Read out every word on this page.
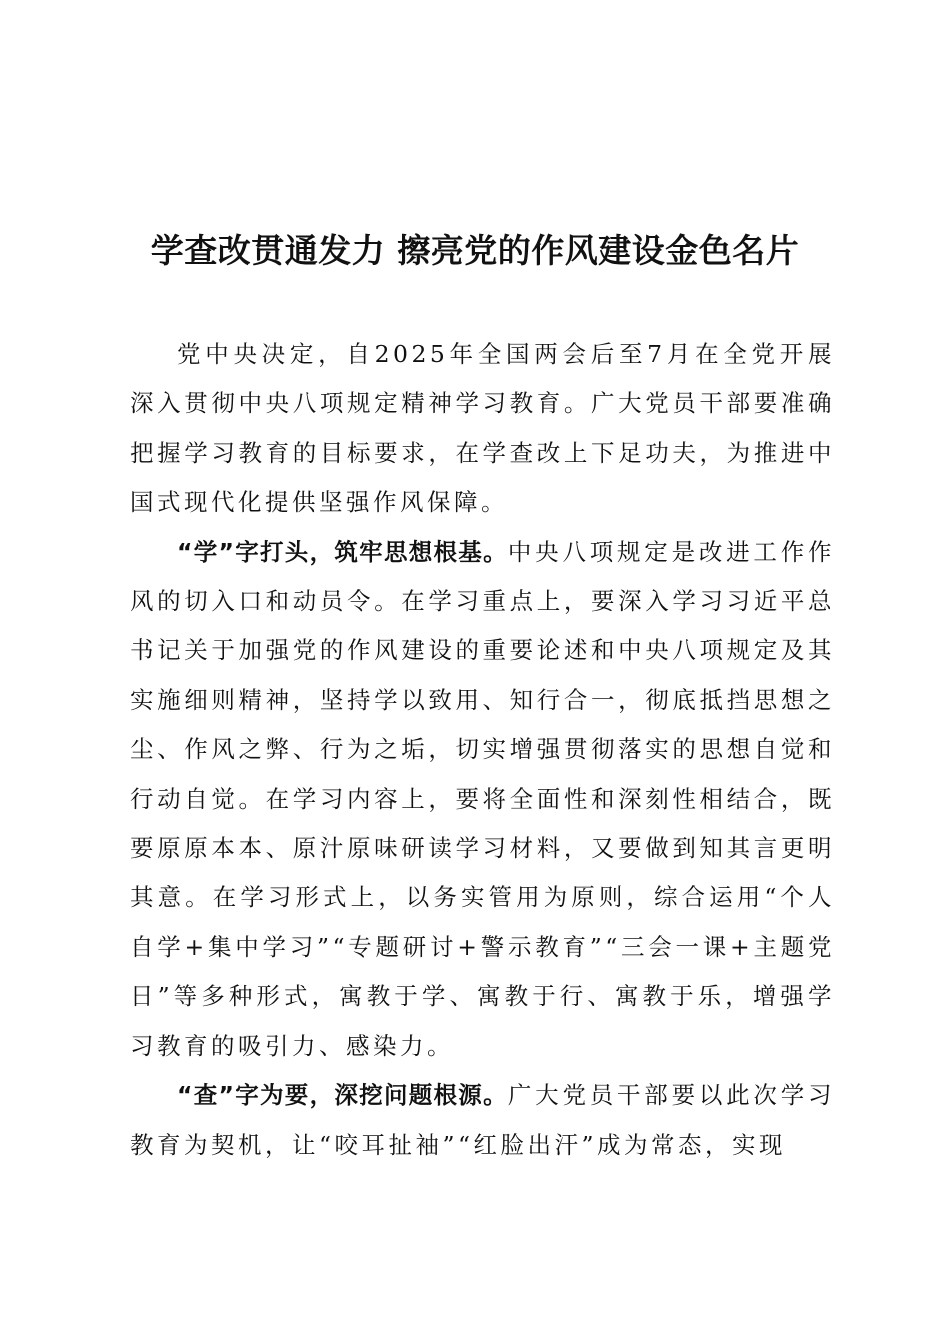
学查改贯通发力 擦亮党的作风建设金色名片

党中央决定，自2025年全国两会后至7月在全党开展深入贯彻中央八项规定精神学习教育。广大党员干部要准确把握学习教育的目标要求，在学查改上下足功夫，为推进中国式现代化提供坚强作风保障。

“学”字打头，筑牢思想根基。中央八项规定是改进工作作风的切入口和动员令。在学习重点上，要深入学习习近平总书记关于加强党的作风建设的重要论述和中央八项规定及其实施细则精神，坚持学以致用、知行合一，彻底抵挡思想之尘、作风之弊、行为之垢，切实增强贯彻落实的思想自觉和行动自觉。在学习内容上，要将全面性和深刻性相结合，既要原原本本、原汁原味研读学习材料，又要做到知其言更明其意。在学习形式上，以务实管用为原则，综合运用“个人自学+集中学习”“专题研讨+警示教育”“三会一课+主题党日”等多种形式，寓教于学、寓教于行、寓教于乐，增强学习教育的吸引力、感染力。

“查”字为要，深挖问题根源。广大党员干部要以此次学习教育为契机，让“咬耳扯袖”“红脸出汗”成为常态，实现
